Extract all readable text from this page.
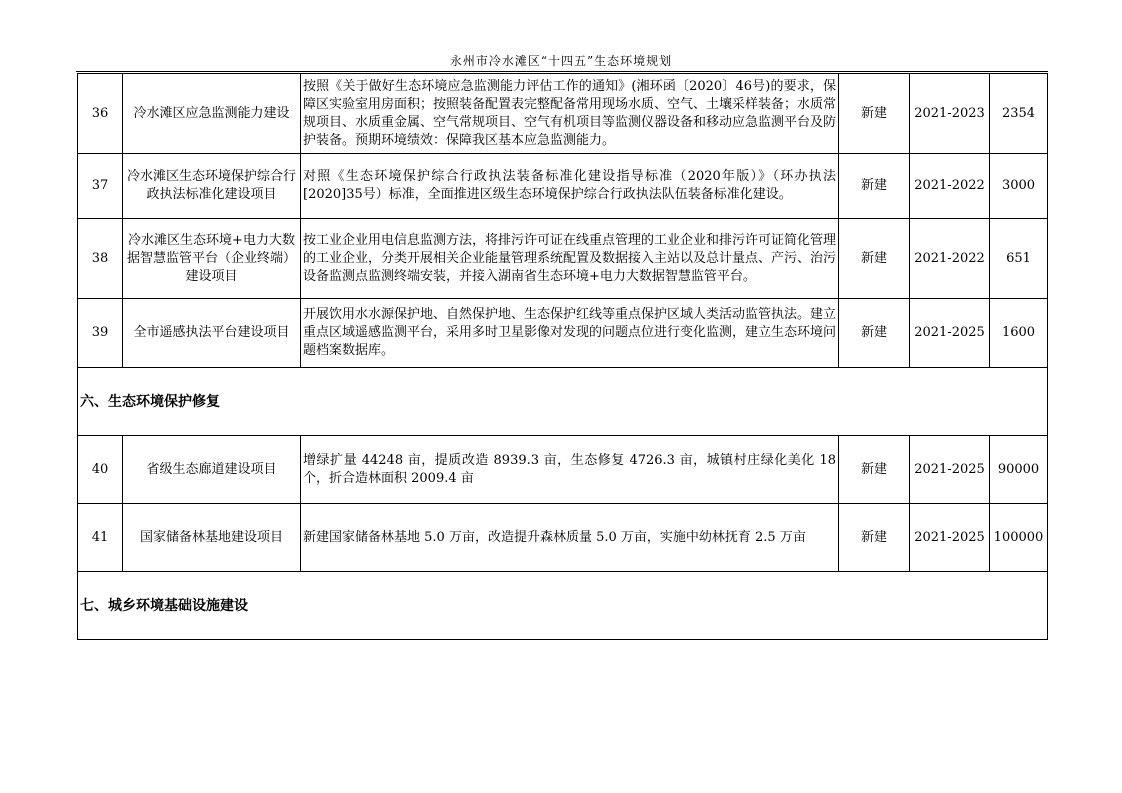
永州市冷水滩区“十四五”生态环境规划
36	冷水滩区应急监测能力建设	按照《关于做好生态环境应急监测能力评估工作的通知》(湘环函〔2020〕46号)的要求，保障区实验室用房面积；按照装备配置表完整配备常用现场水质、空气、土壤采样装备；水质常规项目、水质重金属、空气常规项目、空气有机项目等监测仪器设备和移动应急监测平台及防护装备。预期环境绩效：保障我区基本应急监测能力。	新建	2021-2023	2354
37	冷水滩区生态环境保护综合行政执法标准化建设项目	对照《生态环境保护综合行政执法装备标准化建设指导标准（2020年版）》（环办执法[2020]35号）标准，全面推进区级生态环境保护综合行政执法队伍装备标准化建设。	新建	2021-2022	3000
38	冷水滩区生态环境+电力大数据智慧监管平台（企业终端）建设项目	按工业企业用电信息监测方法，将排污许可证在线重点管理的工业企业和排污许可证简化管理的工业企业，分类开展相关企业能量管理系统配置及数据接入主站以及总计量点、产污、治污设备监测点监测终端安装，并接入湖南省生态环境+电力大数据智慧监管平台。	新建	2021-2022	651
39	全市遥感执法平台建设项目	开展饮用水水源保护地、自然保护地、生态保护红线等重点保护区域人类活动监管执法。建立重点区域遥感监测平台，采用多时卫星影像对发现的问题点位进行变化监测，建立生态环境问题档案数据库。	新建	2021-2025	1600
六、生态环境保护修复					
40	省级生态廊道建设项目	增绿扩量 44248 亩，提质改造 8939.3 亩，生态修复 4726.3 亩，城镇村庄绿化美化 18 个，折合造林面积 2009.4 亩	新建	2021-2025	90000
41	国家储备林基地建设项目	新建国家储备林基地 5.0 万亩，改造提升森林质量 5.0 万亩，实施中幼林抚育 2.5 万亩	新建	2021-2025	100000
七、城乡环境基础设施建设					
